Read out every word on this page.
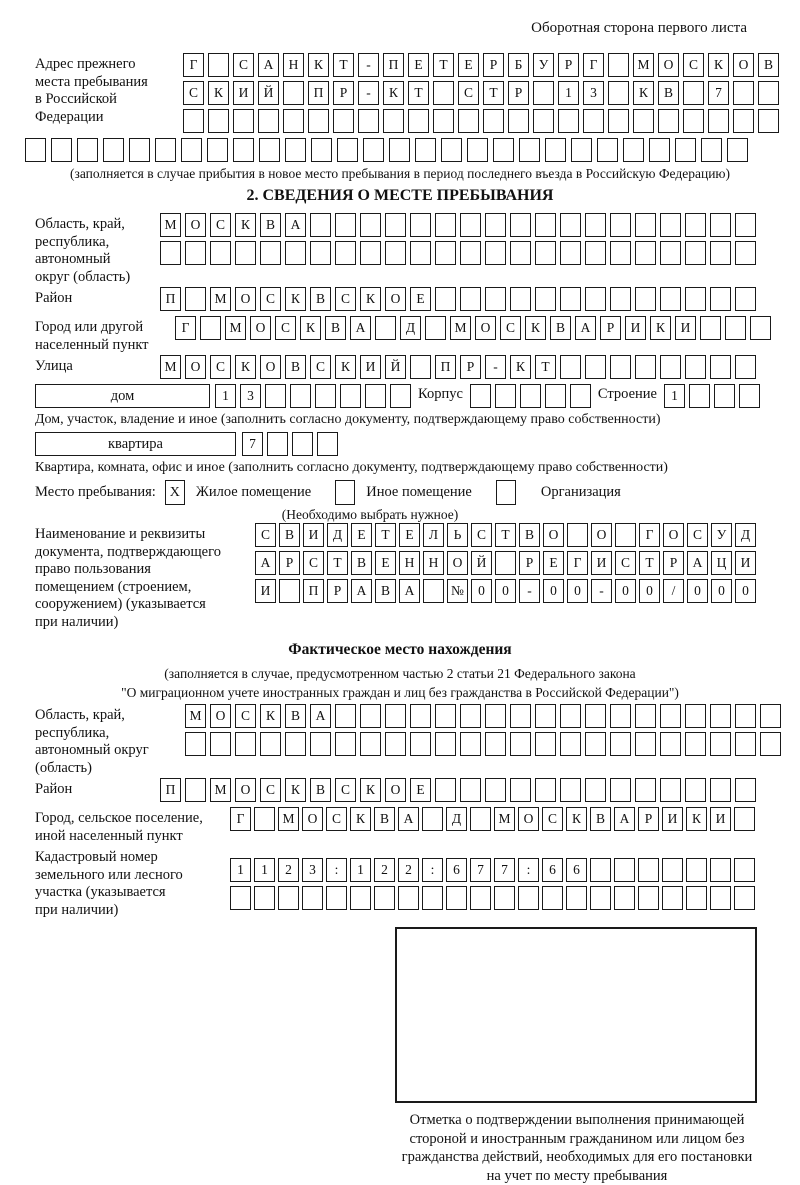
Оборотная сторона первого листа
Адрес прежнего
места пребывания
в Российской
Федерации
Г	С	А	Н	К	Т	-	П	Е	Т	Е	Р	Б	У	Р	Г	М	О	С	К	О	В
С	К	И	Й	П	Р	-	К	Т	С	Т	Р	1	3	К	В	7
(заполняется в случае прибытия в новое место пребывания в период последнего въезда в Российскую Федерацию)
2. СВЕДЕНИЯ О МЕСТЕ ПРЕБЫВАНИЯ
Область, край,
республика,
автономный
округ (область)
М	О	С	К	В	А
Район	П	М	О	С	К	В	С	К	О	Е
Город или другой
населенный пункт
Г	М	О	С	К	В	А	Д	М	О	С	К	В	А	Р	И	К	И
Улица	М	О	С	К	О	В	С	К	И	Й	П	Р	-	К	Т
дом	1	3	Корпус	Строение	1
Дом, участок, владение и иное (заполнить согласно документу, подтверждающему право собственности)
квартира	7
Квартира, комната, офис и иное (заполнить согласно документу, подтверждающему право собственности)
Место пребывания: X	Жилое помещение	Иное помещение	Организация
(Необходимо выбрать нужное)
Наименование и реквизиты
документа, подтверждающего
право пользования
помещением (строением,
сооружением) (указывается
при наличии)
С	В	И	Д	Е	Т	Е	Л	Ь	С	Т	В	О	О	Г	О	С	У	Д
А	Р	С	Т	В	Е	Н	Н	О	Й	Р	Е	Г	И	С	Т	Р	А	Ц	И
И	П	Р	А	В	А	№	0	0	-	0	0	-	0	0	/	0	0	0
Фактическое место нахождения
(заполняется в случае, предусмотренном частью 2 статьи 21 Федерального закона
"О миграционном учете иностранных граждан и лиц без гражданства в Российской Федерации")
Область, край,
республика,
автономный округ
(область)
М	О	С	К	В	А
Район	П	М	О	С	К	В	С	К	О	Е
Город, сельское поселение,
иной населенный пункт
Г	М О	С	К	В	А	Д	М О	С	К	В	А	Р	И	К	И
Кадастровый номер
земельного или лесного
участка (указывается
при наличии)
1	1	2	3	:	1	2	2	:	6	7	7	:	6	6
Отметка о подтверждении выполнения принимающей
стороной и иностранным гражданином или лицом без
гражданства действий, необходимых для его постановки
на учет по месту пребывания
